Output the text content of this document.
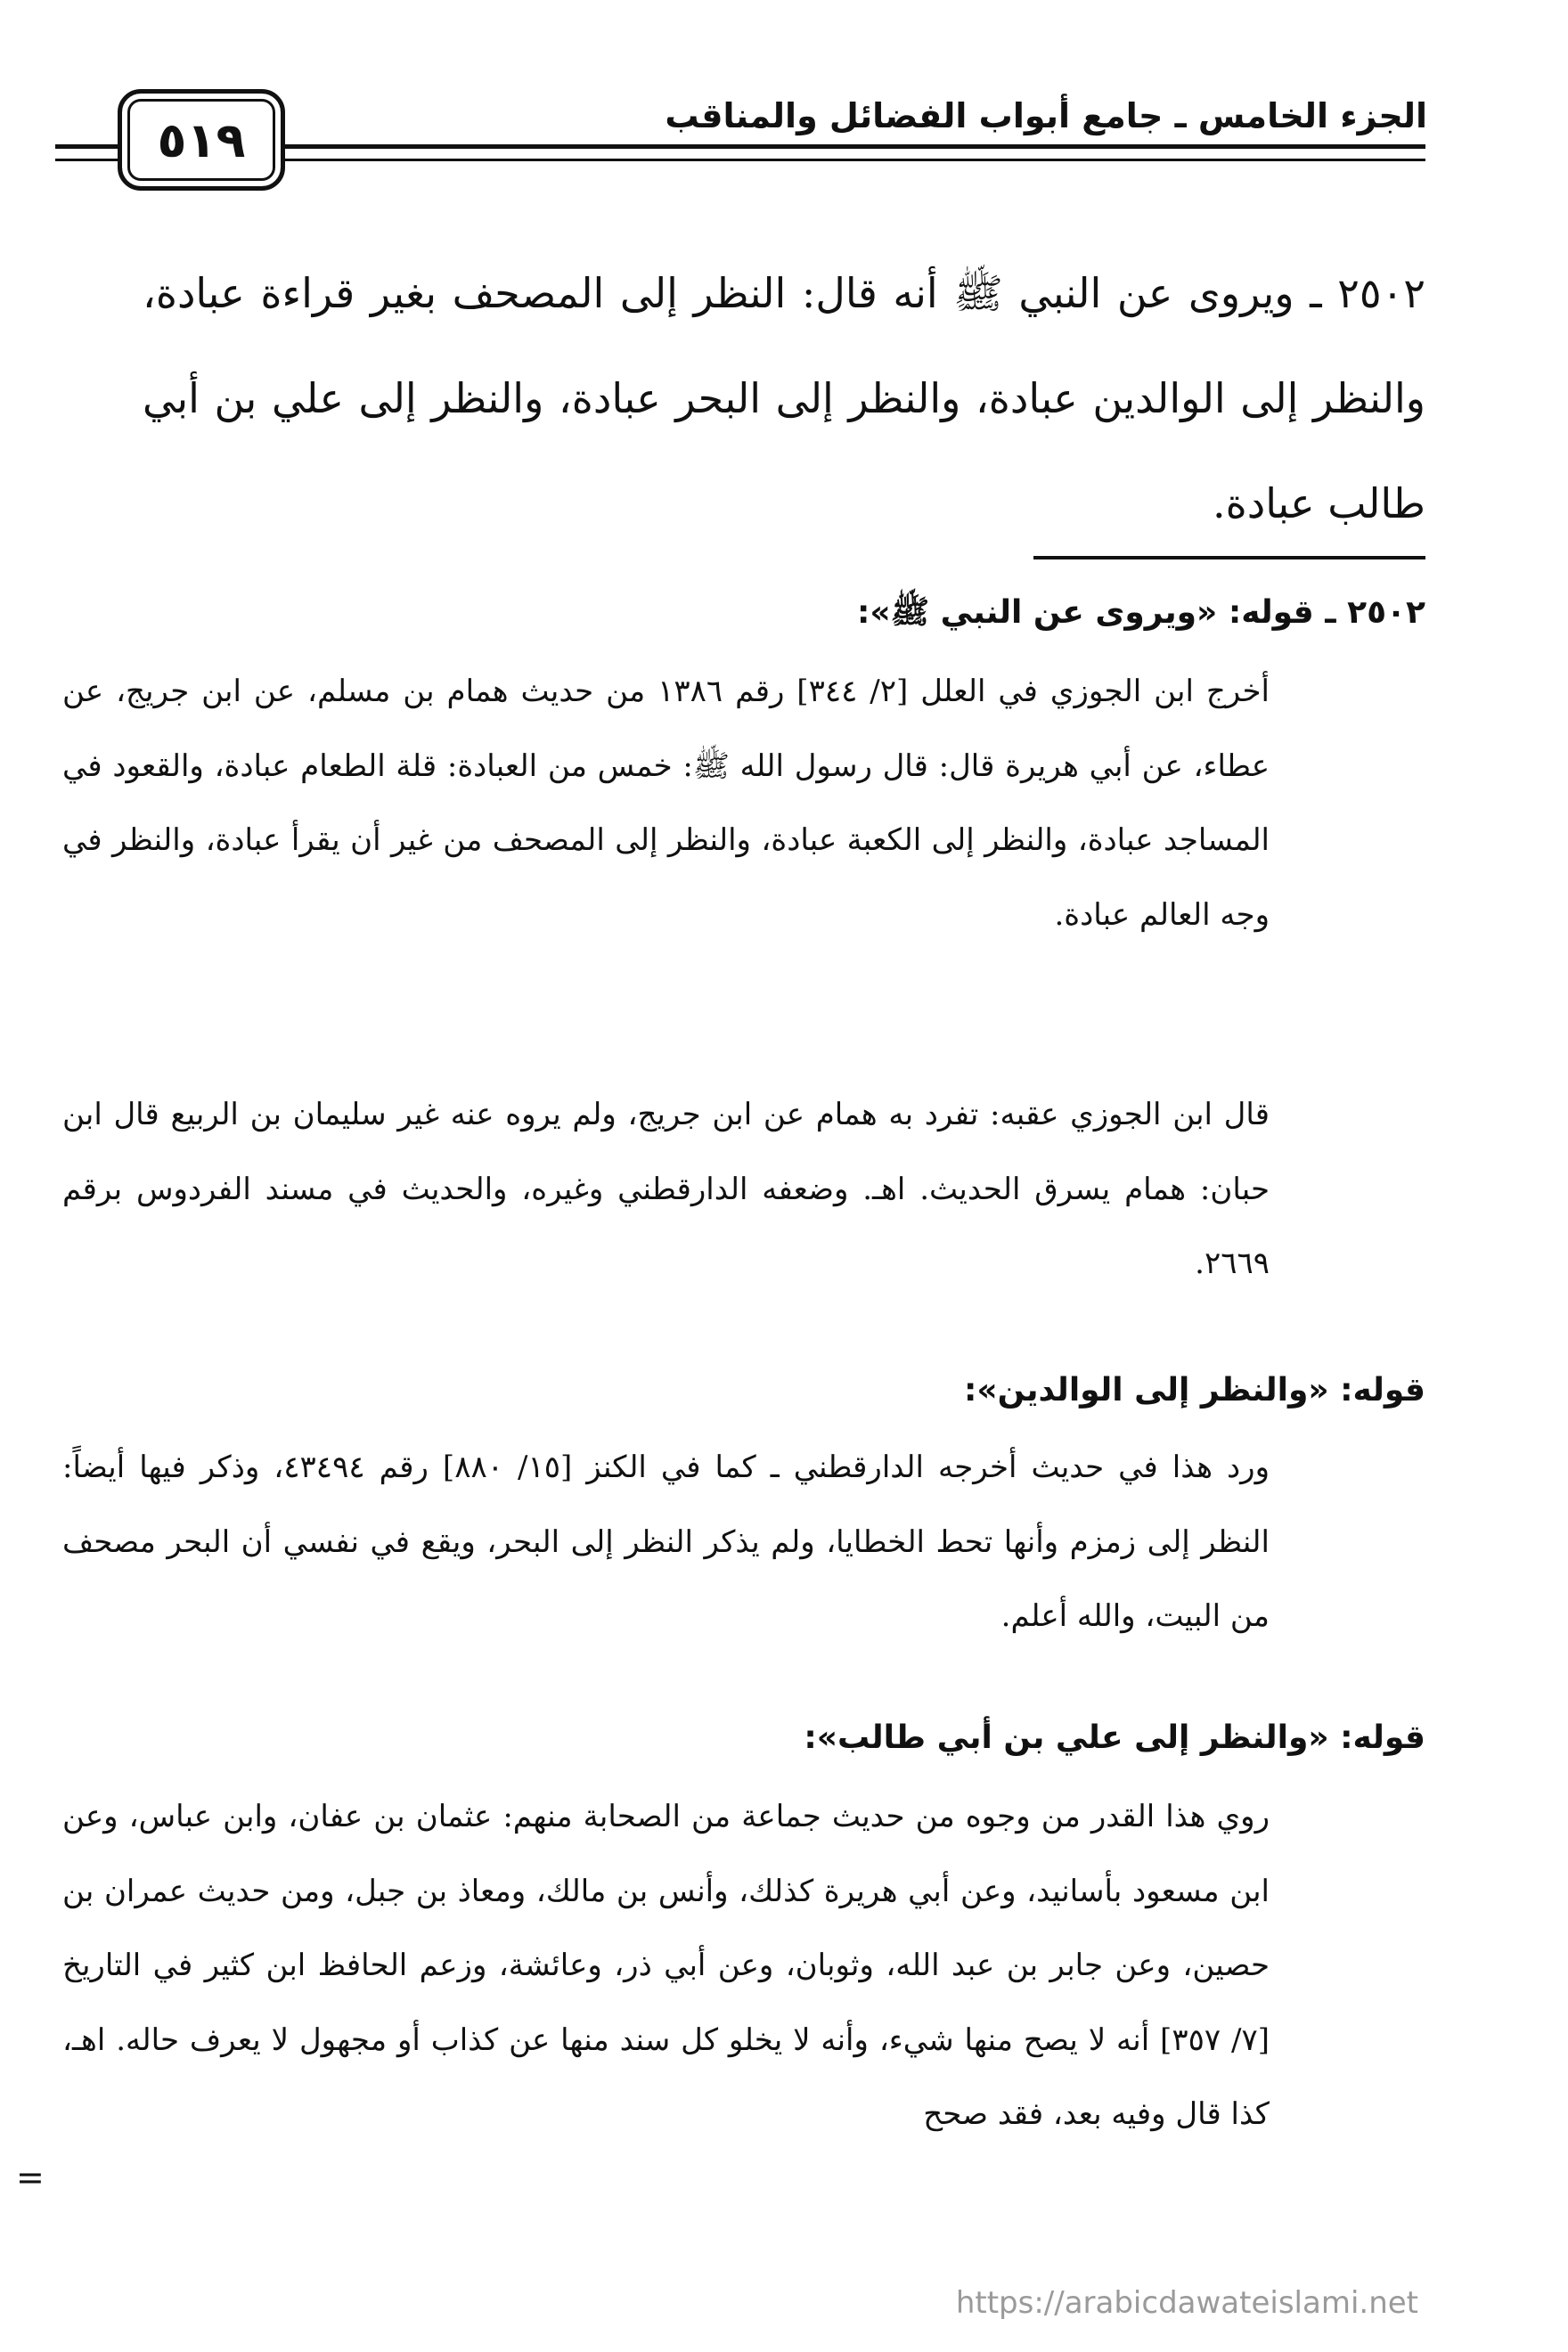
الجزء الخامس ـ جامع أبواب الفضائل والمناقب
٥١٩

٢٥٠٢ ـ ويروى عن النبي ﷺ أنه قال: النظر إلى المصحف بغير قراءة عبادة، والنظر إلى الوالدين عبادة، والنظر إلى البحر عبادة، والنظر إلى علي بن أبي طالب عبادة.

٢٥٠٢ ـ قوله: «ويروى عن النبي ﷺ»:

أخرج ابن الجوزي في العلل [٢/ ٣٤٤] رقم ١٣٨٦ من حديث همام بن مسلم، عن ابن جريج، عن عطاء، عن أبي هريرة قال: قال رسول الله ﷺ: خمس من العبادة: قلة الطعام عبادة، والقعود في المساجد عبادة، والنظر إلى الكعبة عبادة، والنظر إلى المصحف من غير أن يقرأ عبادة، والنظر في وجه العالم عبادة.

قال ابن الجوزي عقبه: تفرد به همام عن ابن جريج، ولم يروه عنه غير سليمان بن الربيع قال ابن حبان: همام يسرق الحديث. اهـ. وضعفه الدارقطني وغيره، والحديث في مسند الفردوس برقم ٢٦٦٩.

قوله: «والنظر إلى الوالدين»:

ورد هذا في حديث أخرجه الدارقطني ـ كما في الكنز [١٥/ ٨٨٠] رقم ٤٣٤٩٤، وذكر فيها أيضاً: النظر إلى زمزم وأنها تحط الخطايا، ولم يذكر النظر إلى البحر، ويقع في نفسي أن البحر مصحف من البيت، والله أعلم.

قوله: «والنظر إلى علي بن أبي طالب»:

روي هذا القدر من وجوه من حديث جماعة من الصحابة منهم: عثمان بن عفان، وابن عباس، وعن ابن مسعود بأسانيد، وعن أبي هريرة كذلك، وأنس بن مالك، ومعاذ بن جبل، ومن حديث عمران بن حصين، وعن جابر بن عبد الله، وثوبان، وعن أبي ذر، وعائشة، وزعم الحافظ ابن كثير في التاريخ [٧/ ٣٥٧] أنه لا يصح منها شيء، وأنه لا يخلو كل سند منها عن كذاب أو مجهول لا يعرف حاله. اهـ، كذا قال وفيه بعد، فقد صحح

=
https://arabicdawateislami.net
